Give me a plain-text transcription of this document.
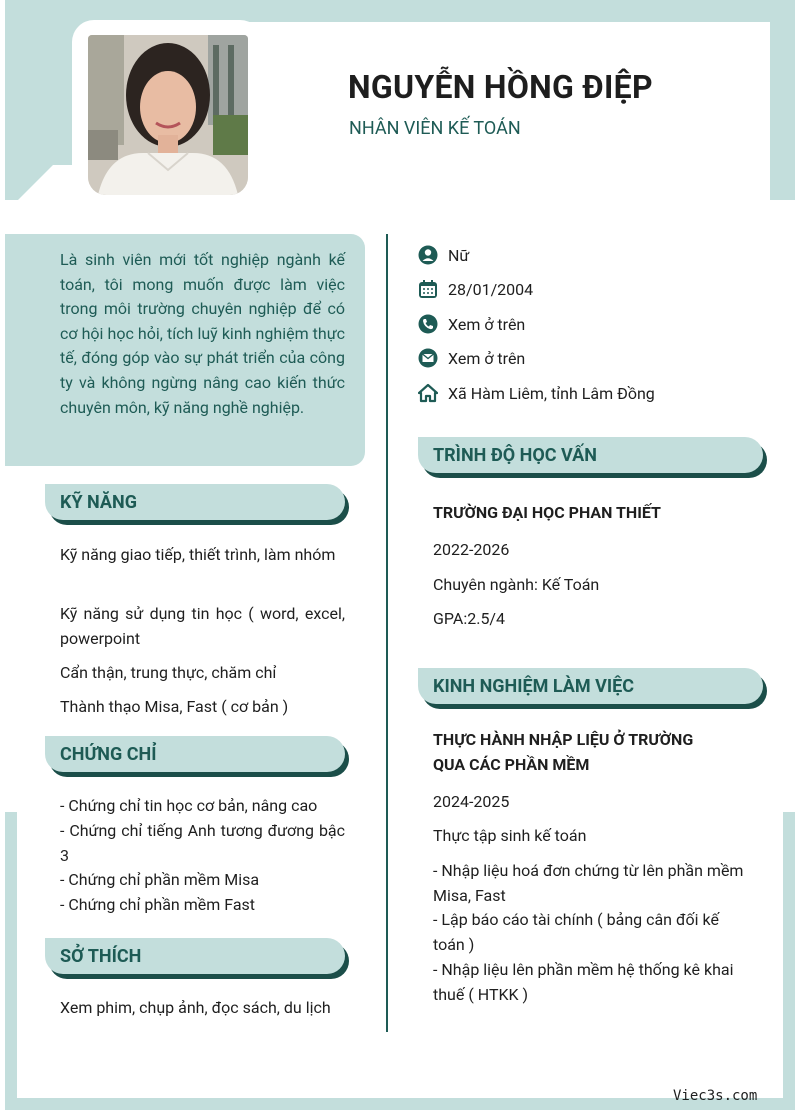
NGUYỄN HỒNG ĐIỆP
NHÂN VIÊN KẾ TOÁN

Là sinh viên mới tốt nghiệp ngành kế toán, tôi mong muốn được làm việc trong môi trường chuyên nghiệp để có cơ hội học hỏi, tích luỹ kinh nghiệm thực tế, đóng góp vào sự phát triển của công ty và không ngừng nâng cao kiến thức chuyên môn, kỹ năng nghề nghiệp.

Nữ
28/01/2004
Xem ở trên
Xem ở trên
Xã Hàm Liêm, tỉnh Lâm Đồng
KỸ NĂNG
Kỹ năng giao tiếp, thiết trình, làm nhóm
Kỹ năng sử dụng tin học ( word, excel, powerpoint
Cẩn thận, trung thực, chăm chỉ
Thành thạo Misa, Fast ( cơ bản )
CHỨNG CHỈ
- Chứng chỉ tin học cơ bản, nâng cao
- Chứng chỉ tiếng Anh tương đương bậc 3
- Chứng chỉ phần mềm Misa
- Chứng chỉ phần mềm Fast
SỞ THÍCH
Xem phim, chụp ảnh, đọc sách, du lịch
TRÌNH ĐỘ HỌC VẤN
TRƯỜNG ĐẠI HỌC PHAN THIẾT
2022-2026
Chuyên ngành: Kế Toán
GPA:2.5/4
KINH NGHIỆM LÀM VIỆC
THỰC HÀNH NHẬP LIỆU Ở TRƯỜNG
QUA CÁC PHẦN MỀM
2024-2025
Thực tập sinh kế toán
- Nhập liệu hoá đơn chứng từ lên phần mềm Misa, Fast
- Lập báo cáo tài chính ( bảng cân đối kế toán )
- Nhập liệu lên phần mềm hệ thống kê khai thuế ( HTKK )
Viec3s.com
